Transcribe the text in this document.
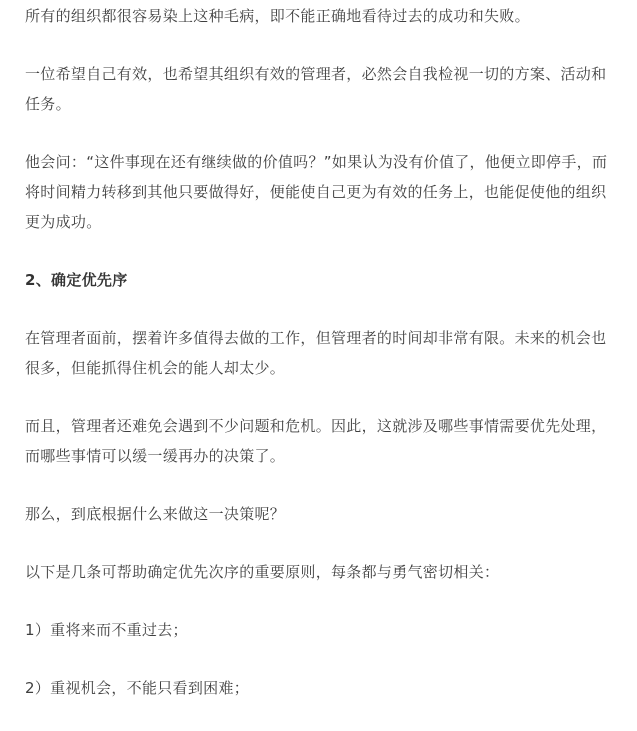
所有的组织都很容易染上这种毛病，即不能正确地看待过去的成功和失败。

一位希望自己有效，也希望其组织有效的管理者，必然会自我检视一切的方案、活动和任务。

他会问：“这件事现在还有继续做的价值吗？”如果认为没有价值了，他便立即停手，而将时间精力转移到其他只要做得好，便能使自己更为有效的任务上，也能促使他的组织更为成功。

2、确定优先序

在管理者面前，摆着许多值得去做的工作，但管理者的时间却非常有限。未来的机会也很多，但能抓得住机会的能人却太少。

而且，管理者还难免会遇到不少问题和危机。因此，这就涉及哪些事情需要优先处理，而哪些事情可以缓一缓再办的决策了。

那么，到底根据什么来做这一决策呢？

以下是几条可帮助确定优先次序的重要原则，每条都与勇气密切相关：

1）重将来而不重过去；

2）重视机会，不能只看到困难；
